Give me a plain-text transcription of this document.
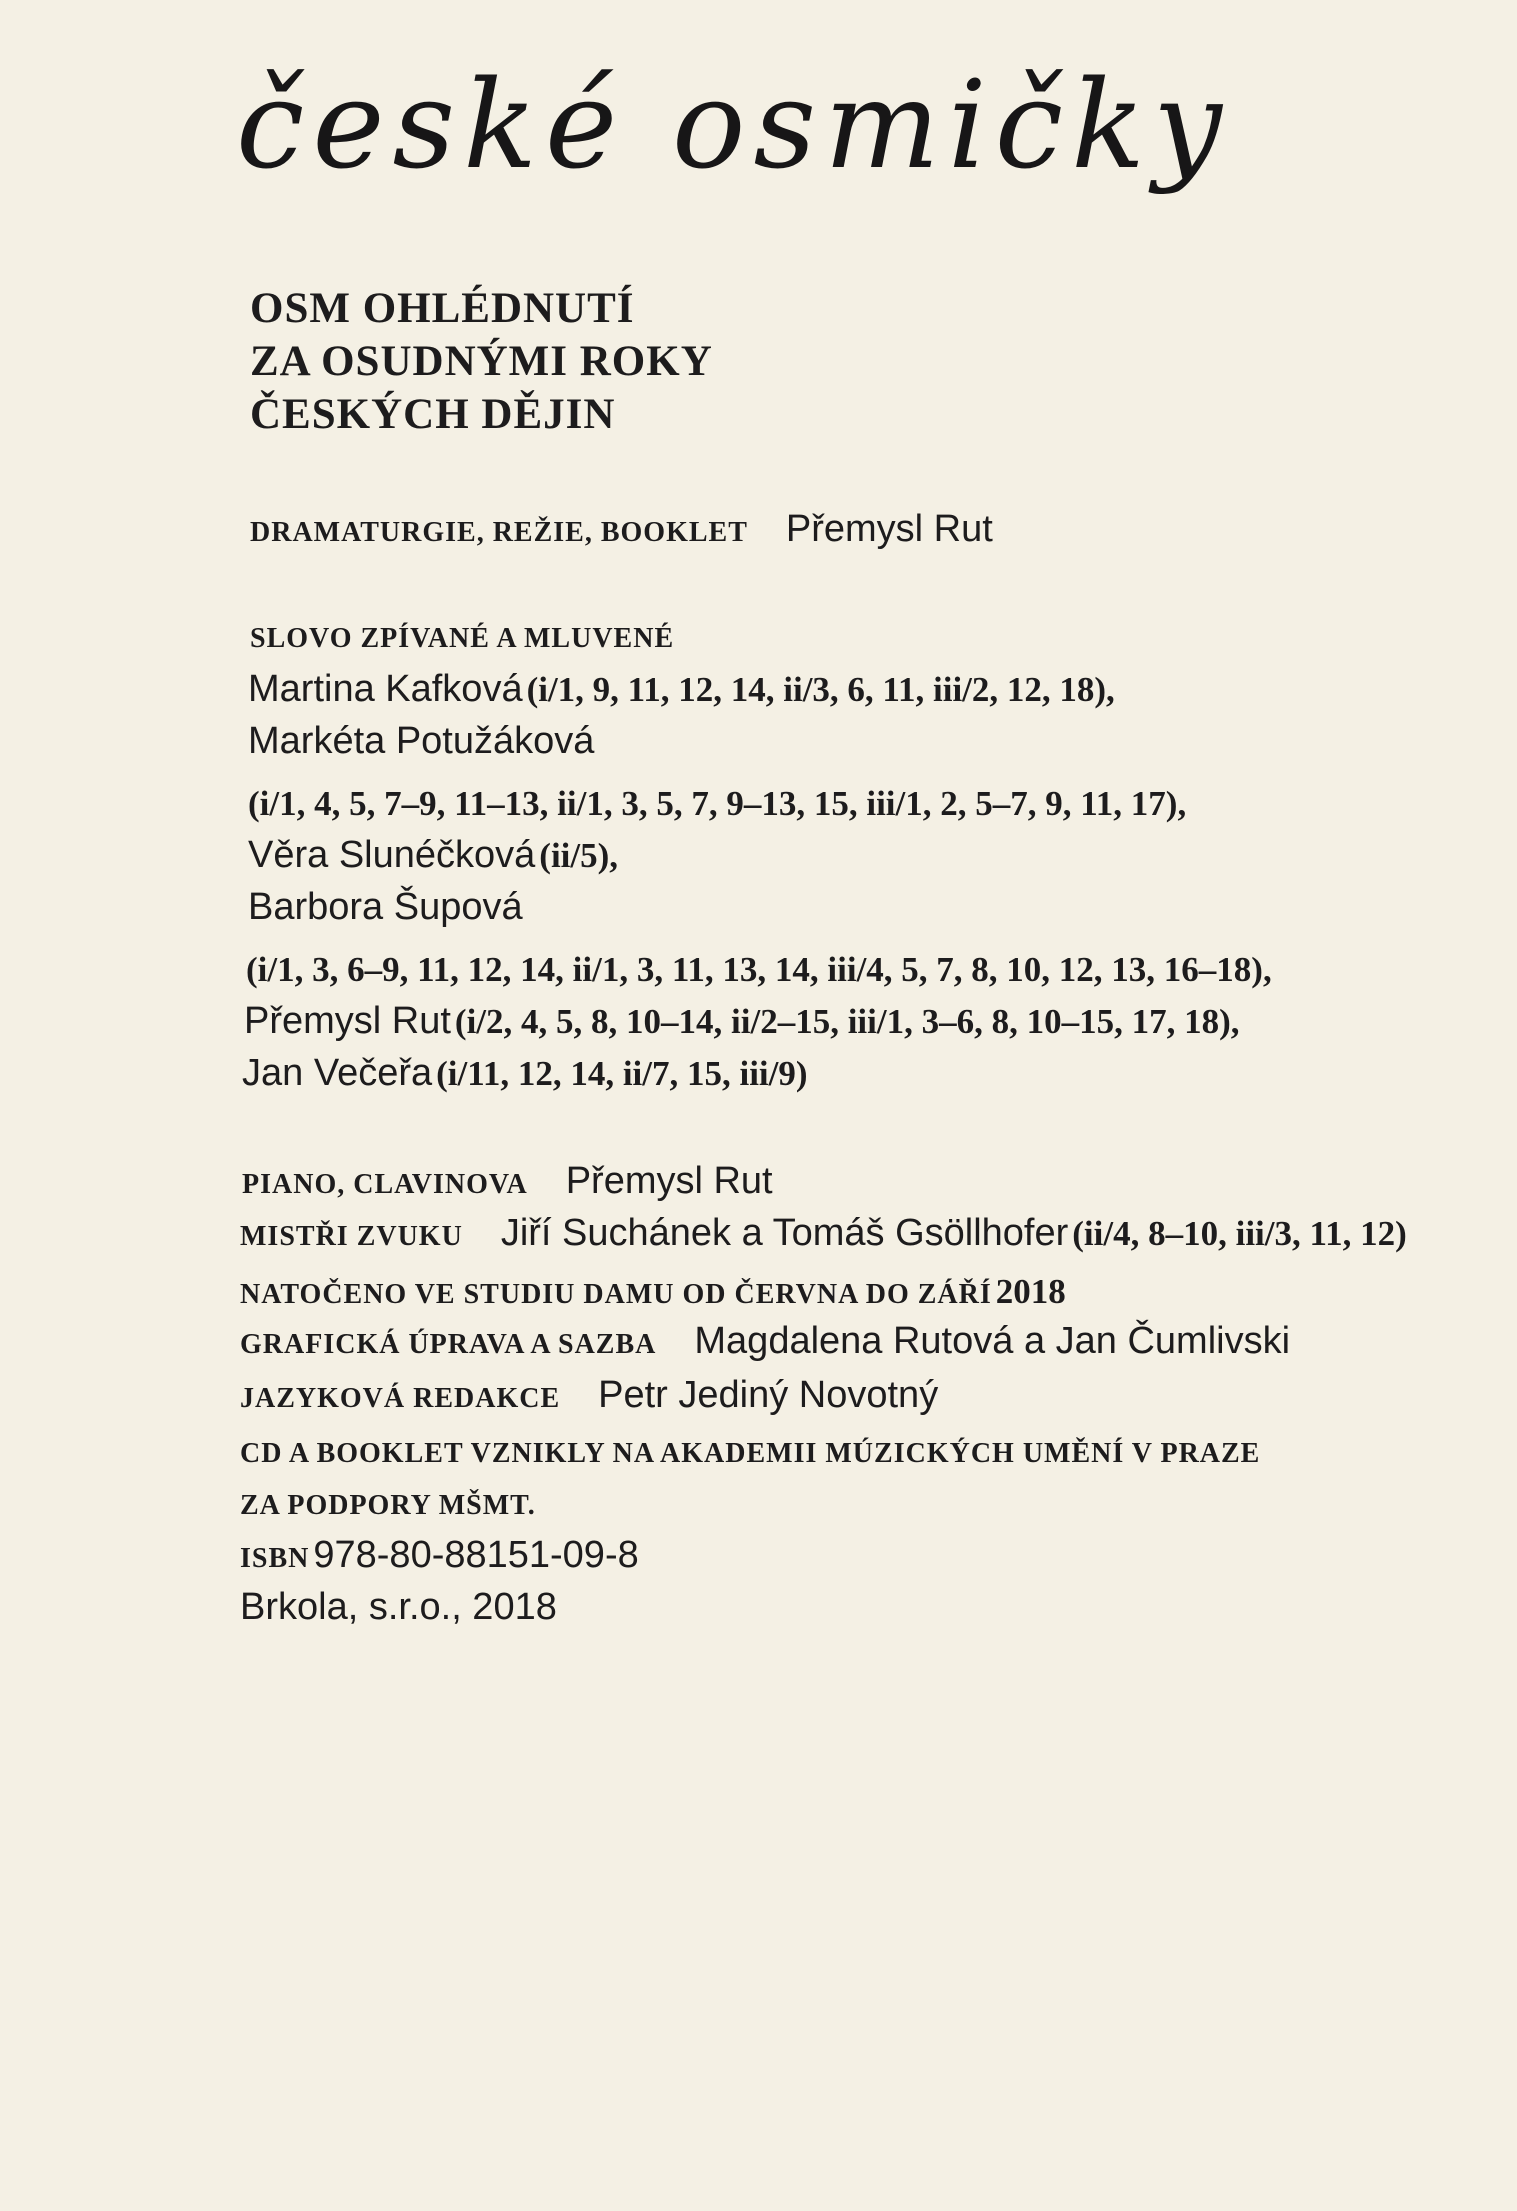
české osmičky
OSM OHLÉDNUTÍ
ZA OSUDNÝMI ROKY
ČESKÝCH DĚJIN
DRAMATURGIE, REŽIE, BOOKLET Přemysl Rut
SLOVO ZPÍVANÉ A MLUVENÉ
Martina Kafková (i/1, 9, 11, 12, 14, ii/3, 6, 11, iii/2, 12, 18),
Markéta Potužáková
(i/1, 4, 5, 7–9, 11–13, ii/1, 3, 5, 7, 9–13, 15, iii/1, 2, 5–7, 9, 11, 17),
Věra Slunéčková (ii/5),
Barbora Šupová
(i/1, 3, 6–9, 11, 12, 14, ii/1, 3, 11, 13, 14, iii/4, 5, 7, 8, 10, 12, 13, 16–18),
Přemysl Rut (i/2, 4, 5, 8, 10–14, ii/2–15, iii/1, 3–6, 8, 10–15, 17, 18),
Jan Večeřa (i/11, 12, 14, ii/7, 15, iii/9)
PIANO, CLAVINOVA Přemysl Rut
MISTŘI ZVUKU Jiří Suchánek a Tomáš Gsöllhofer (ii/4, 8–10, iii/3, 11, 12)
NATOČENO VE STUDIU DAMU OD ČERVNA DO ZÁŘÍ 2018
GRAFICKÁ ÚPRAVA A SAZBA Magdalena Rutová a Jan Čumlivski
JAZYKOVÁ REDAKCE Petr Jediný Novotný
CD A BOOKLET VZNIKLY NA AKADEMII MÚZICKÝCH UMĚNÍ V PRAZE
ZA PODPORY MŠMT.
ISBN 978-80-88151-09-8
Brkola, s.r.o., 2018
